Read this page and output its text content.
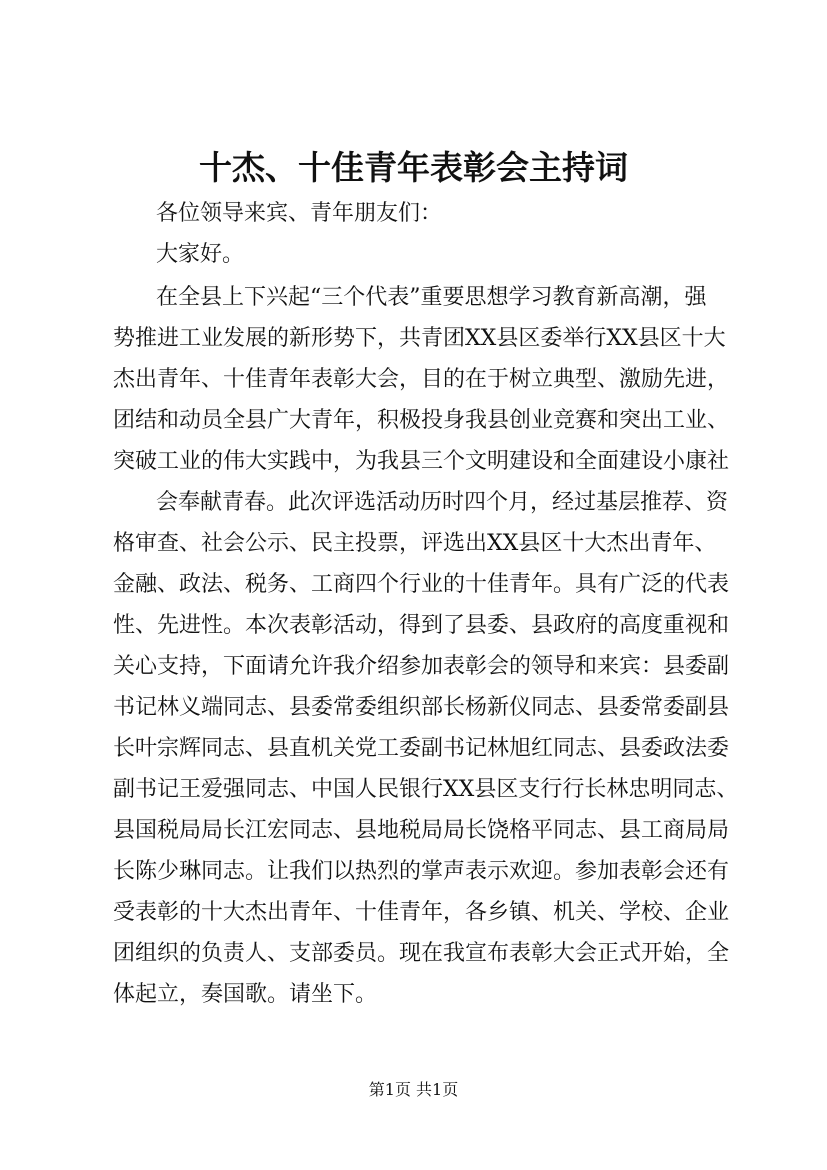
十杰、十佳青年表彰会主持词
各位领导来宾、青年朋友们：
大家好。
在全县上下兴起“三个代表”重要思想学习教育新高潮，强
势推进工业发展的新形势下，共青团XX县区委举行XX县区十大
杰出青年、十佳青年表彰大会，目的在于树立典型、激励先进，
团结和动员全县广大青年，积极投身我县创业竞赛和突出工业、
突破工业的伟大实践中，为我县三个文明建设和全面建设小康社
会奉献青春。此次评选活动历时四个月，经过基层推荐、资
格审查、社会公示、民主投票，评选出XX县区十大杰出青年、
金融、政法、税务、工商四个行业的十佳青年。具有广泛的代表
性、先进性。本次表彰活动，得到了县委、县政府的高度重视和
关心支持，下面请允许我介绍参加表彰会的领导和来宾：县委副
书记林义端同志、县委常委组织部长杨新仪同志、县委常委副县
长叶宗辉同志、县直机关党工委副书记林旭红同志、县委政法委
副书记王爱强同志、中国人民银行XX县区支行行长林忠明同志、
县国税局局长江宏同志、县地税局局长饶格平同志、县工商局局
长陈少琳同志。让我们以热烈的掌声表示欢迎。参加表彰会还有
受表彰的十大杰出青年、十佳青年，各乡镇、机关、学校、企业
团组织的负责人、支部委员。现在我宣布表彰大会正式开始，全
体起立，奏国歌。请坐下。
第1页 共1页
